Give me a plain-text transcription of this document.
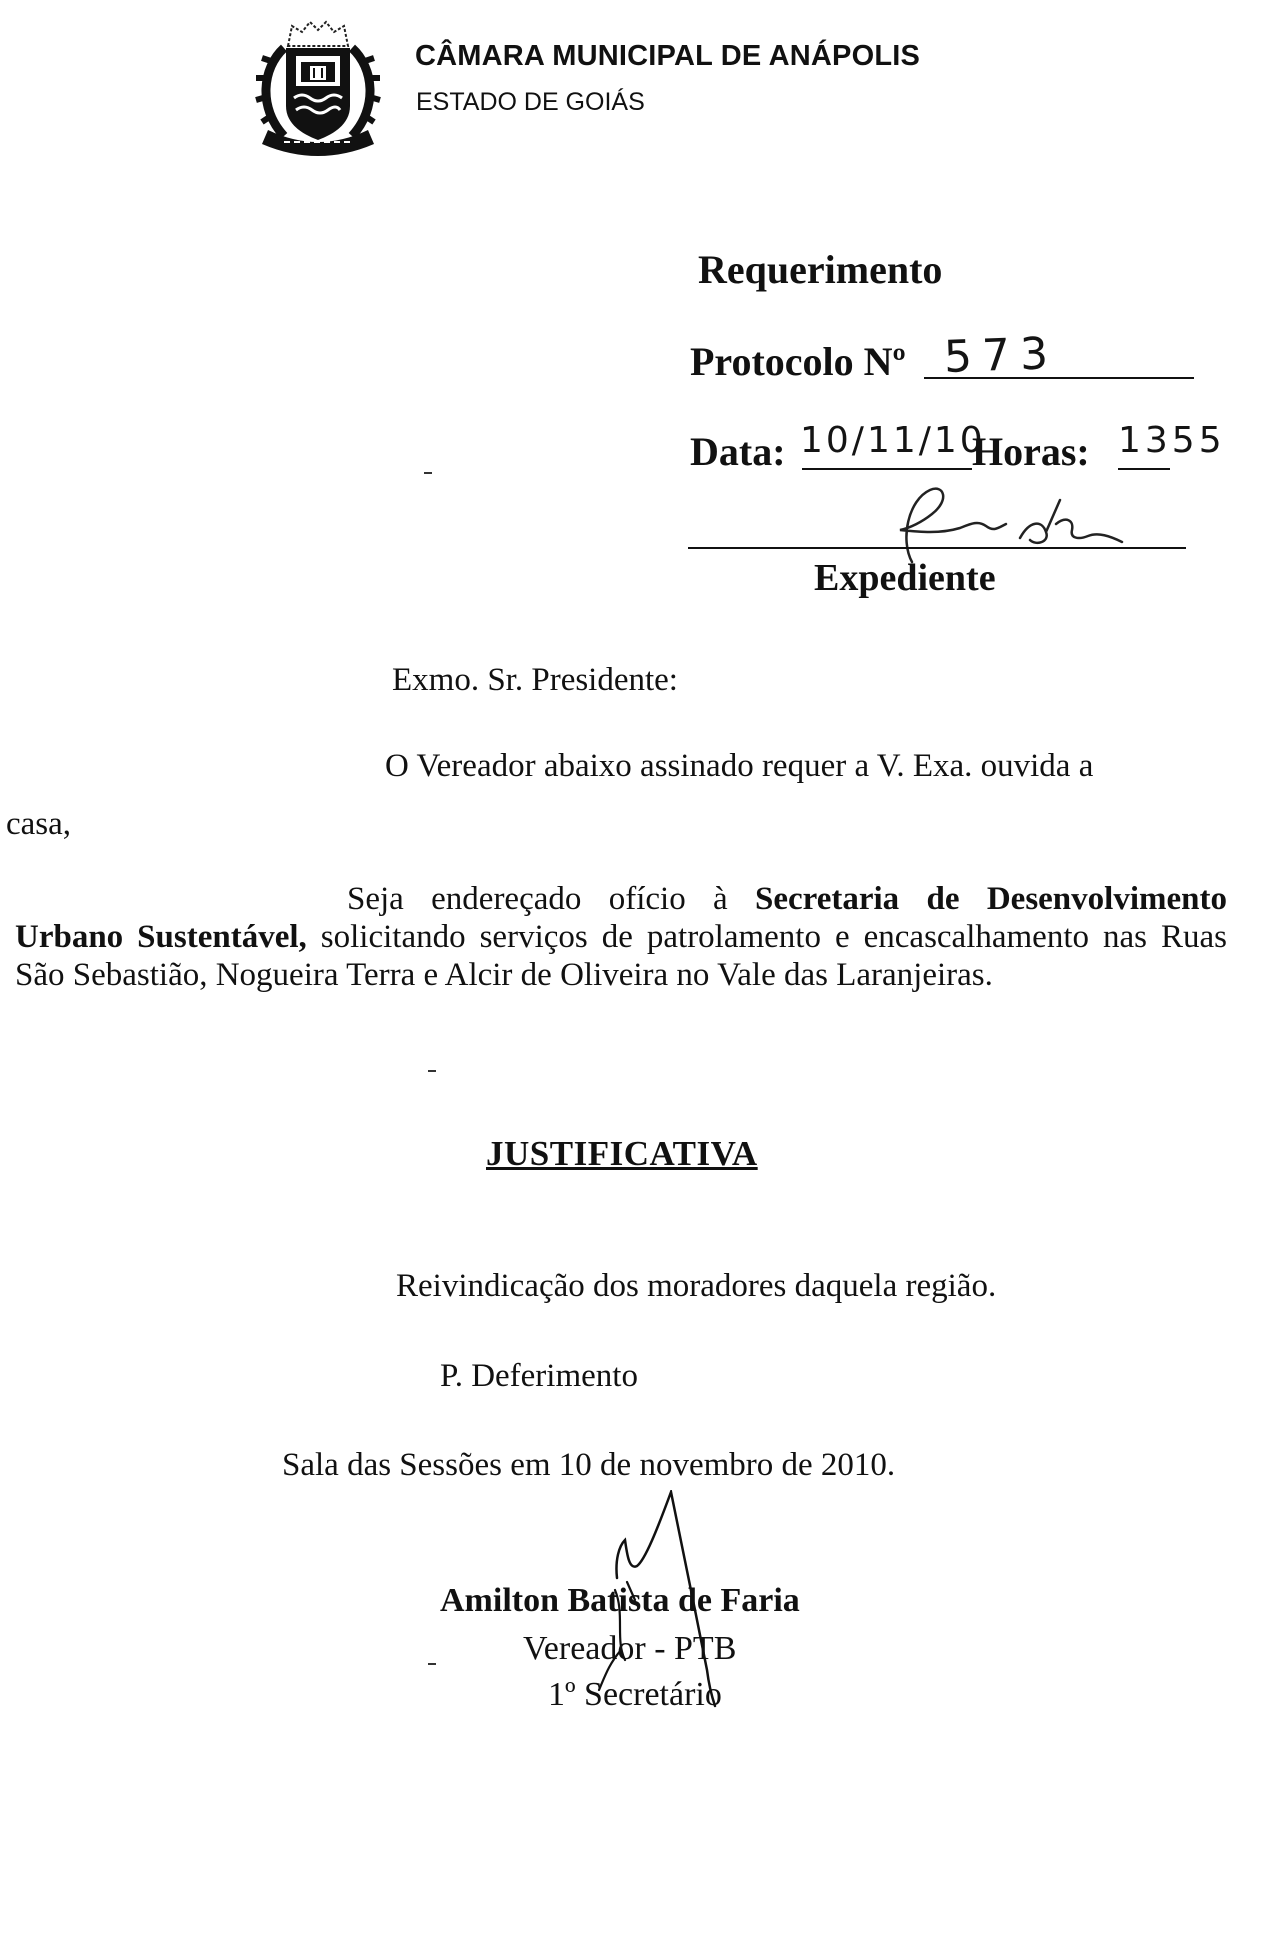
CÂMARA MUNICIPAL DE ANÁPOLIS
ESTADO DE GOIÁS
Requerimento
Protocolo Nº 573
Data: 10/11/10
Horas: 1355
Expediente
Exmo. Sr. Presidente:
O Vereador abaixo assinado requer a V. Exa. ouvida a
casa,
Seja endereçado ofício à Secretaria de Desenvolvimento Urbano Sustentável, solicitando serviços de patrolamento e encascalhamento nas Ruas São Sebastião, Nogueira Terra e Alcir de Oliveira no Vale das Laranjeiras.
JUSTIFICATIVA
Reivindicação dos moradores daquela região.
P. Deferimento
Sala das Sessões em 10 de novembro de 2010.
Amilton Batista de Faria
Vereador - PTB
1º Secretário
